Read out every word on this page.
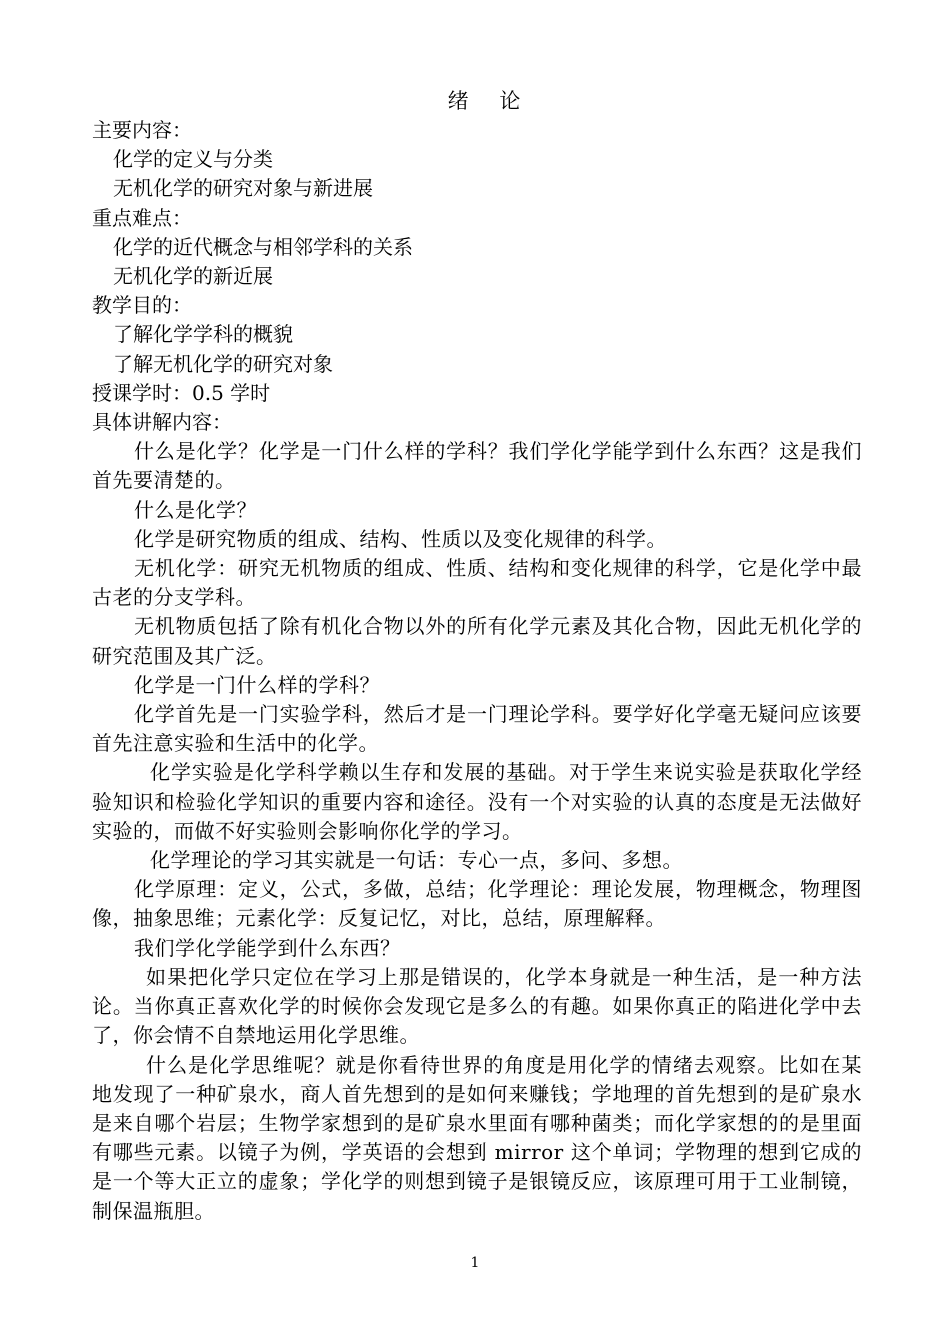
绪 论

主要内容：

化学的定义与分类

无机化学的研究对象与新进展

重点难点：

化学的近代概念与相邻学科的关系

无机化学的新近展

教学目的：

了解化学学科的概貌

了解无机化学的研究对象

授课学时：0.5 学时

具体讲解内容：

什么是化学？化学是一门什么样的学科？我们学化学能学到什么东西？这是我们首先要清楚的。

什么是化学？

化学是研究物质的组成、结构、性质以及变化规律的科学。

无机化学：研究无机物质的组成、性质、结构和变化规律的科学，它是化学中最古老的分支学科。

无机物质包括了除有机化合物以外的所有化学元素及其化合物，因此无机化学的研究范围及其广泛。

化学是一门什么样的学科？

化学首先是一门实验学科，然后才是一门理论学科。要学好化学毫无疑问应该要首先注意实验和生活中的化学。

化学实验是化学科学赖以生存和发展的基础。对于学生来说实验是获取化学经验知识和检验化学知识的重要内容和途径。没有一个对实验的认真的态度是无法做好实验的，而做不好实验则会影响你化学的学习。

化学理论的学习其实就是一句话：专心一点，多问、多想。

化学原理：定义，公式，多做，总结；化学理论：理论发展，物理概念，物理图像，抽象思维；元素化学：反复记忆，对比，总结，原理解释。

我们学化学能学到什么东西？

如果把化学只定位在学习上那是错误的，化学本身就是一种生活，是一种方法论。当你真正喜欢化学的时候你会发现它是多么的有趣。如果你真正的陷进化学中去了，你会情不自禁地运用化学思维。

什么是化学思维呢？就是你看待世界的角度是用化学的情绪去观察。比如在某地发现了一种矿泉水，商人首先想到的是如何来赚钱；学地理的首先想到的是矿泉水是来自哪个岩层；生物学家想到的是矿泉水里面有哪种菌类；而化学家想的的是里面有哪些元素。以镜子为例，学英语的会想到 mirror 这个单词；学物理的想到它成的是一个等大正立的虚象；学化学的则想到镜子是银镜反应，该原理可用于工业制镜，制保温瓶胆。

1
